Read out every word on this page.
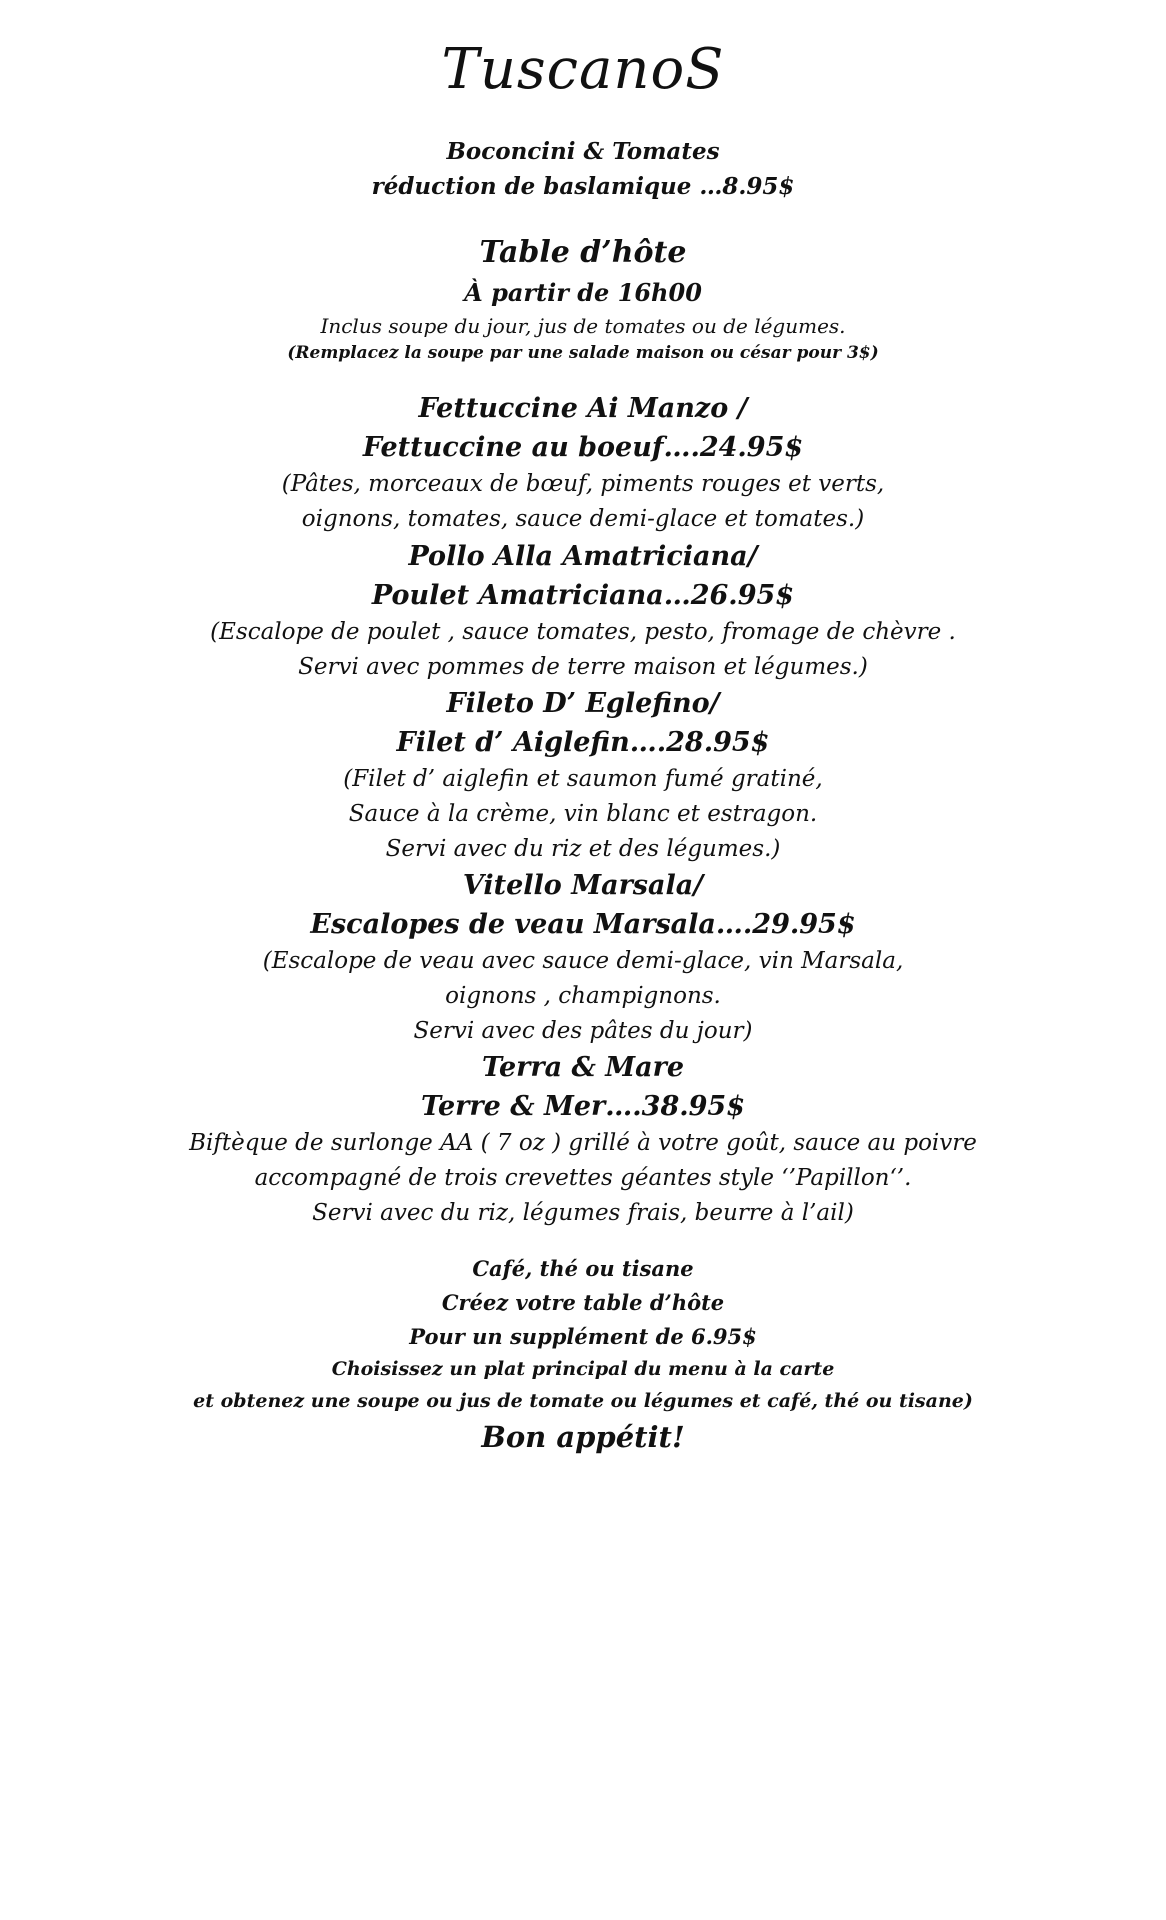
TuscanoS
Boconcini & Tomates
réduction de baslamique …8.95$
Table d’hôte
À partir de 16h00
Inclus soupe du jour, jus de tomates ou de légumes.
(Remplacez la soupe par une salade maison ou césar pour 3$)
Fettuccine Ai Manzo /
Fettuccine au boeuf….24.95$
(Pâtes, morceaux de bœuf, piments rouges et verts,
oignons, tomates, sauce demi-glace et tomates.)
Pollo Alla Amatriciana/
Poulet Amatriciana…26.95$
(Escalope de poulet , sauce tomates, pesto, fromage de chèvre .
Servi avec pommes de terre maison et légumes.)
Fileto D’ Eglefino/
Filet d’ Aiglefin….28.95$
(Filet d’ aiglefin et saumon fumé gratiné,
Sauce à la crème, vin blanc et estragon.
Servi avec du riz et des légumes.)
Vitello Marsala/
Escalopes de veau Marsala….29.95$
(Escalope de veau avec sauce demi-glace, vin Marsala,
oignons , champignons.
Servi avec des pâtes du jour)
Terra & Mare
Terre & Mer….38.95$
Biftèque de surlonge AA ( 7 oz ) grillé à votre goût, sauce au poivre
accompagné de trois crevettes géantes style ‘’Papillon‘’.
Servi avec du riz, légumes frais, beurre à l’ail)
Café, thé ou tisane
Créez votre table d’hôte
Pour un supplément de 6.95$
Choisissez un plat principal du menu à la carte
et obtenez une soupe ou jus de tomate ou légumes et café, thé ou tisane)
Bon appétit!
